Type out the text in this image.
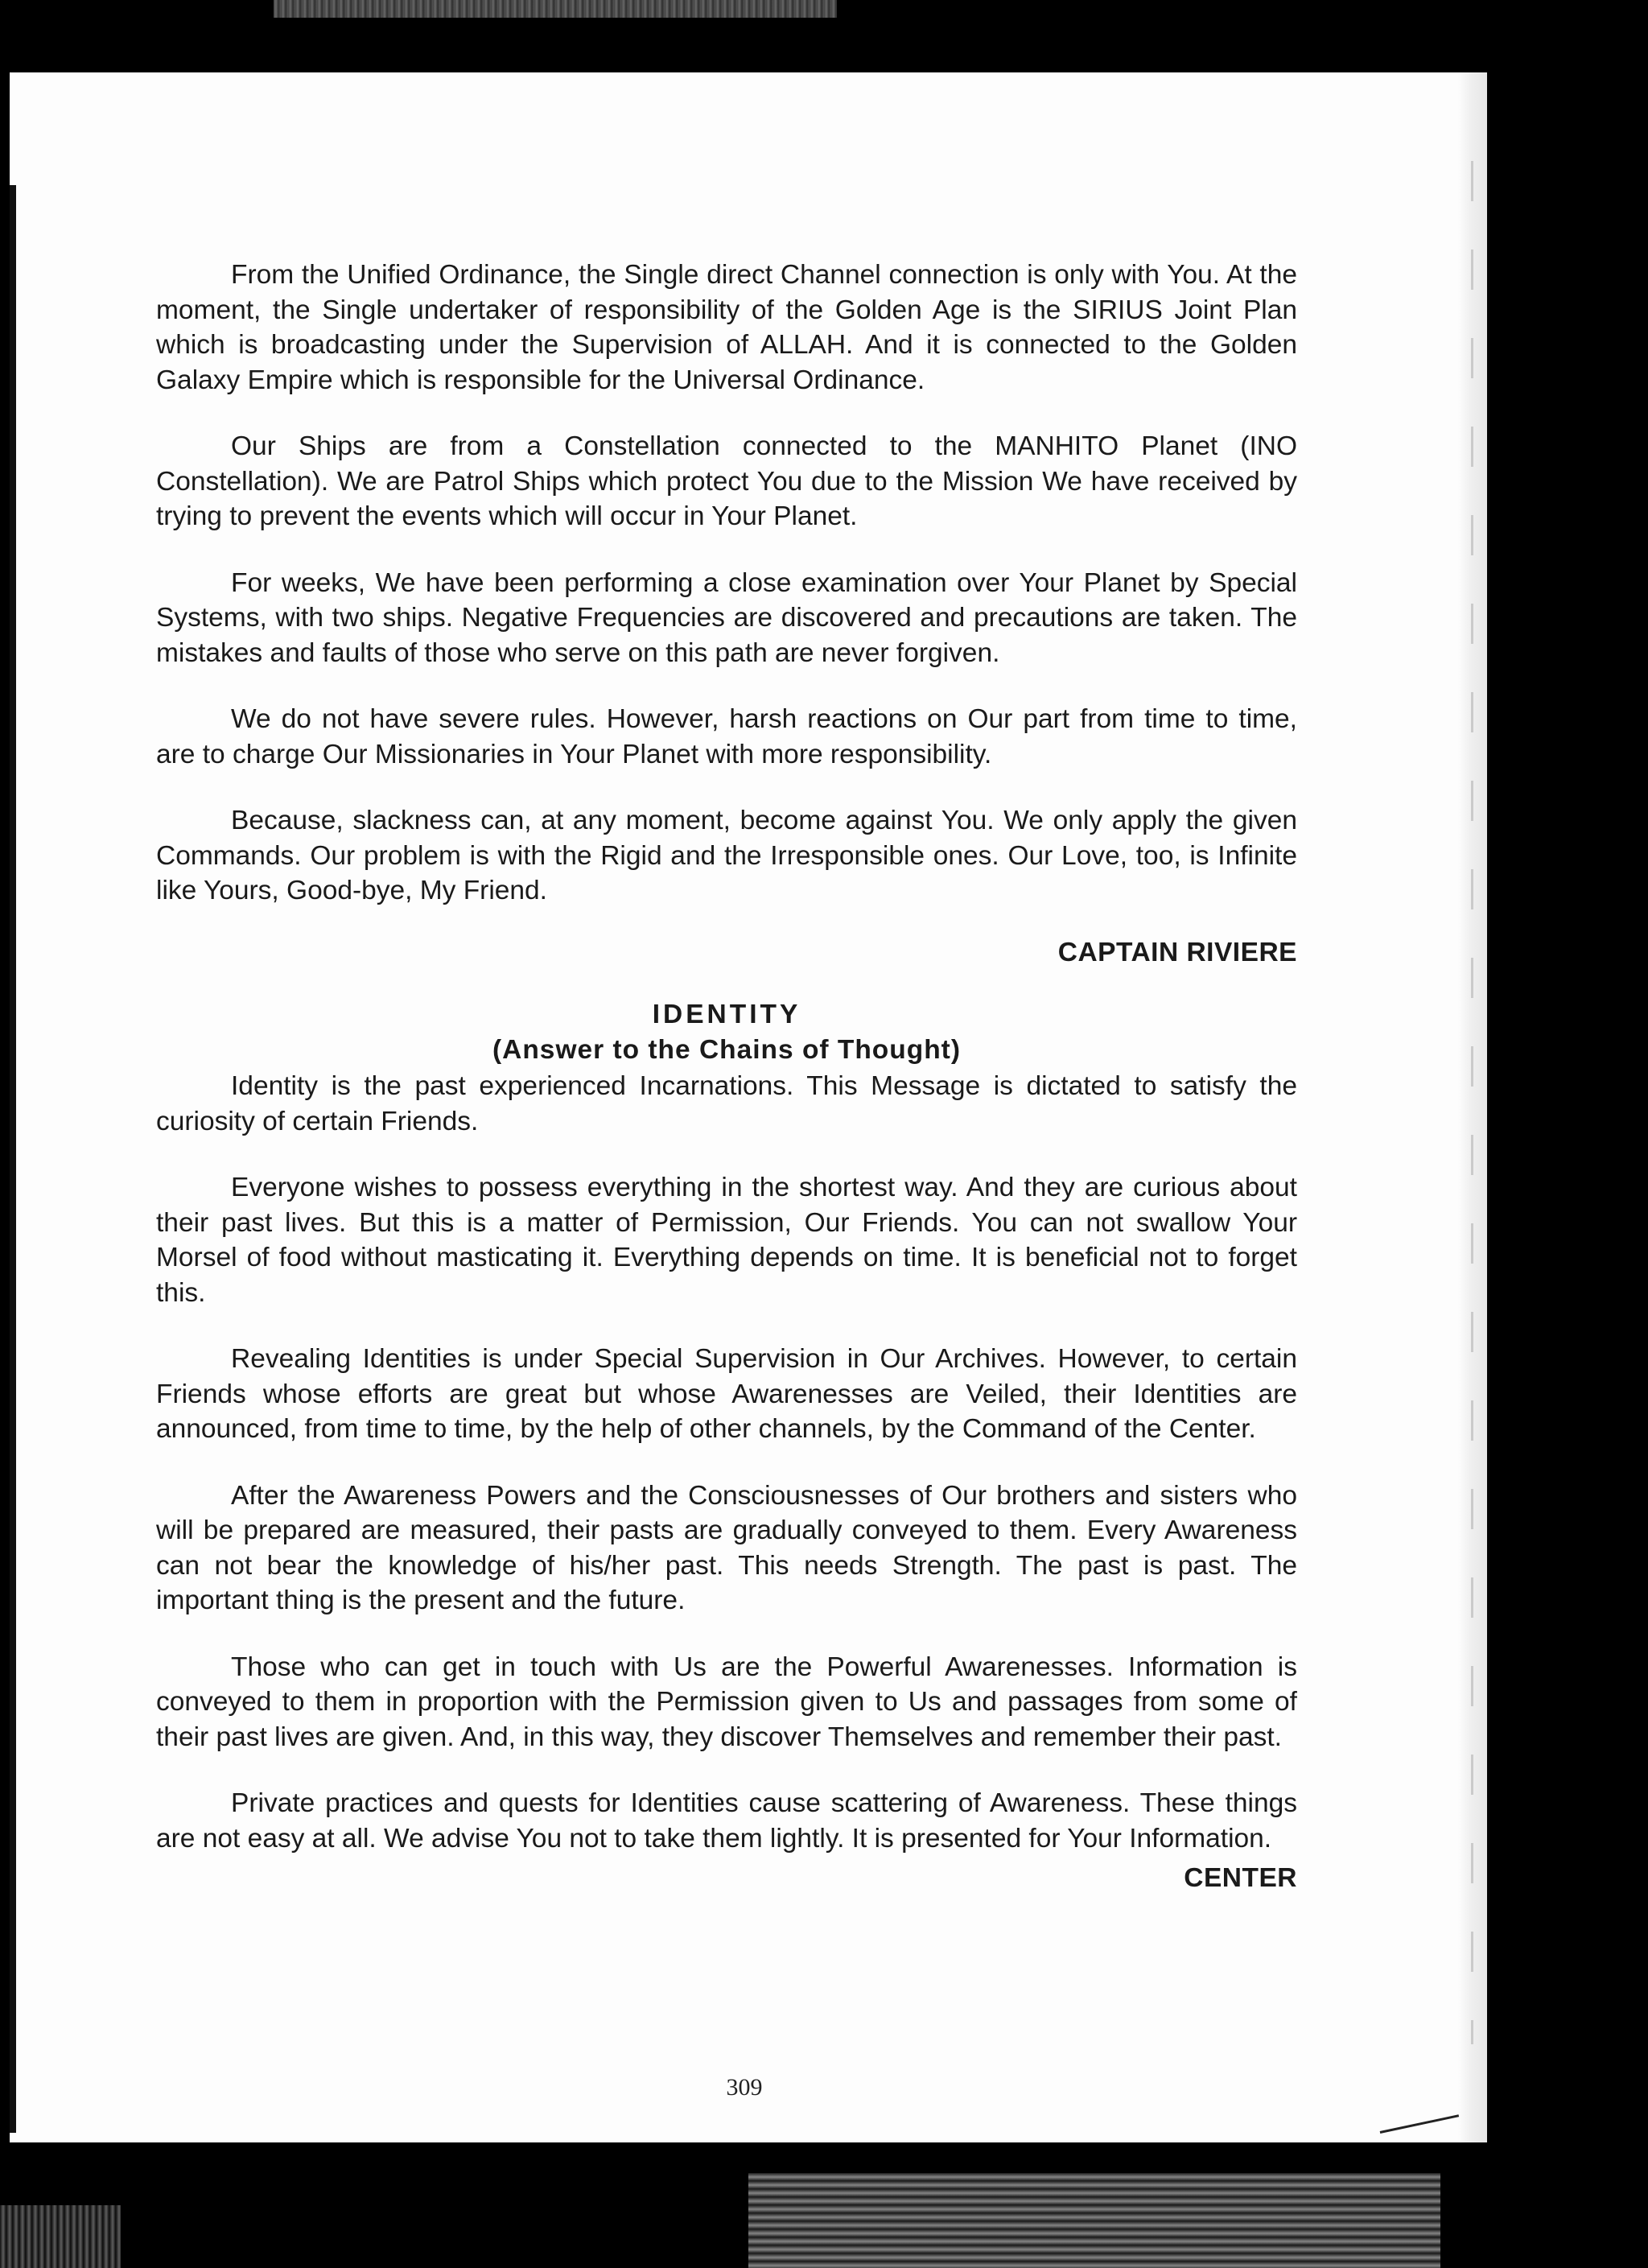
309

From the Unified Ordinance, the Single direct Channel connection is only with You. At the moment, the Single undertaker of responsibility of the Golden Age is the SIRIUS Joint Plan which is broadcasting under the Supervision of ALLAH. And it is connected to the Golden Galaxy Empire which is responsible for the Universal Ordinance.

Our Ships are from a Constellation connected to the MANHITO Planet (INO Constellation). We are Patrol Ships which protect You due to the Mission We have received by trying to prevent the events which will occur in Your Planet.

For weeks, We have been performing a close examination over Your Planet by Special Systems, with two ships. Negative Frequencies are discovered and precautions are taken. The mistakes and faults of those who serve on this path are never forgiven.

We do not have severe rules. However, harsh reactions on Our part from time to time, are to charge Our Missionaries in Your Planet with more responsibility.

Because, slackness can, at any moment, become against You. We only apply the given Commands. Our problem is with the Rigid and the Irresponsible ones. Our Love, too, is Infinite like Yours, Good-bye, My Friend.

CAPTAIN RIVIERE

IDENTITY

(Answer to the Chains of Thought)

Identity is the past experienced Incarnations. This Message is dictated to satisfy the curiosity of certain Friends.

Everyone wishes to possess everything in the shortest way. And they are curious about their past lives. But this is a matter of Permission, Our Friends. You can not swallow Your Morsel of food without masticating it. Everything depends on time. It is beneficial not to forget this.

Revealing Identities is under Special Supervision in Our Archives. However, to certain Friends whose efforts are great but whose Awarenesses are Veiled, their Identities are announced, from time to time, by the help of other channels, by the Command of the Center.

After the Awareness Powers and the Consciousnesses of Our brothers and sisters who will be prepared are measured, their pasts are gradually conveyed to them. Every Awareness can not bear the knowledge of his/her past. This needs Strength. The past is past. The important thing is the present and the future.

Those who can get in touch with Us are the Powerful Awarenesses. Information is conveyed to them in proportion with the Permission given to Us and passages from some of their past lives are given. And, in this way, they discover Themselves and remember their past.

Private practices and quests for Identities cause scattering of Awareness. These things are not easy at all. We advise You not to take them lightly. It is presented for Your Information.

CENTER
